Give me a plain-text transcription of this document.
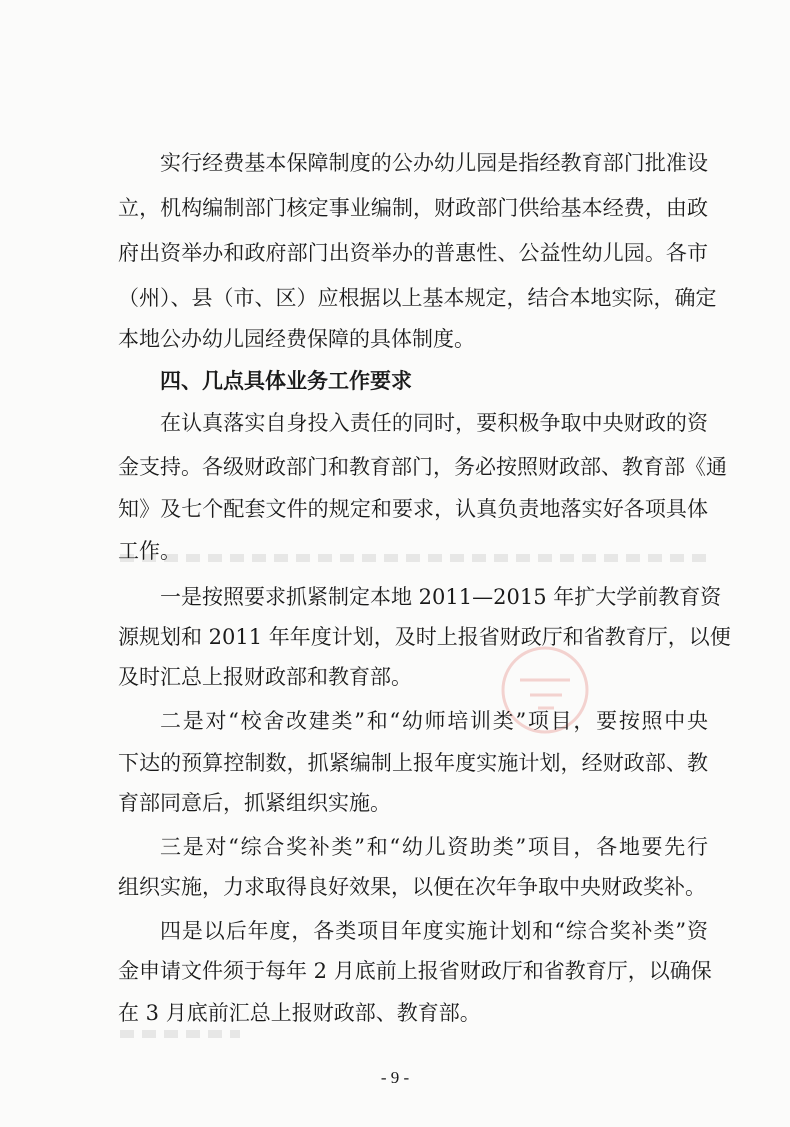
实行经费基本保障制度的公办幼儿园是指经教育部门批准设
立，机构编制部门核定事业编制，财政部门供给基本经费，由政
府出资举办和政府部门出资举办的普惠性、公益性幼儿园。各市
（州）、县（市、区）应根据以上基本规定，结合本地实际，确定
本地公办幼儿园经费保障的具体制度。
四、几点具体业务工作要求
在认真落实自身投入责任的同时，要积极争取中央财政的资
金支持。各级财政部门和教育部门，务必按照财政部、教育部《通
知》及七个配套文件的规定和要求，认真负责地落实好各项具体
工作。
一是按照要求抓紧制定本地 2011—2015 年扩大学前教育资
源规划和 2011 年年度计划，及时上报省财政厅和省教育厅，以便
及时汇总上报财政部和教育部。
二是对“校舍改建类”和“幼师培训类”项目，要按照中央
下达的预算控制数，抓紧编制上报年度实施计划，经财政部、教
育部同意后，抓紧组织实施。
三是对“综合奖补类”和“幼儿资助类”项目，各地要先行
组织实施，力求取得良好效果，以便在次年争取中央财政奖补。
四是以后年度，各类项目年度实施计划和“综合奖补类”资
金申请文件须于每年 2 月底前上报省财政厅和省教育厅，以确保
在 3 月底前汇总上报财政部、教育部。
- 9 -
